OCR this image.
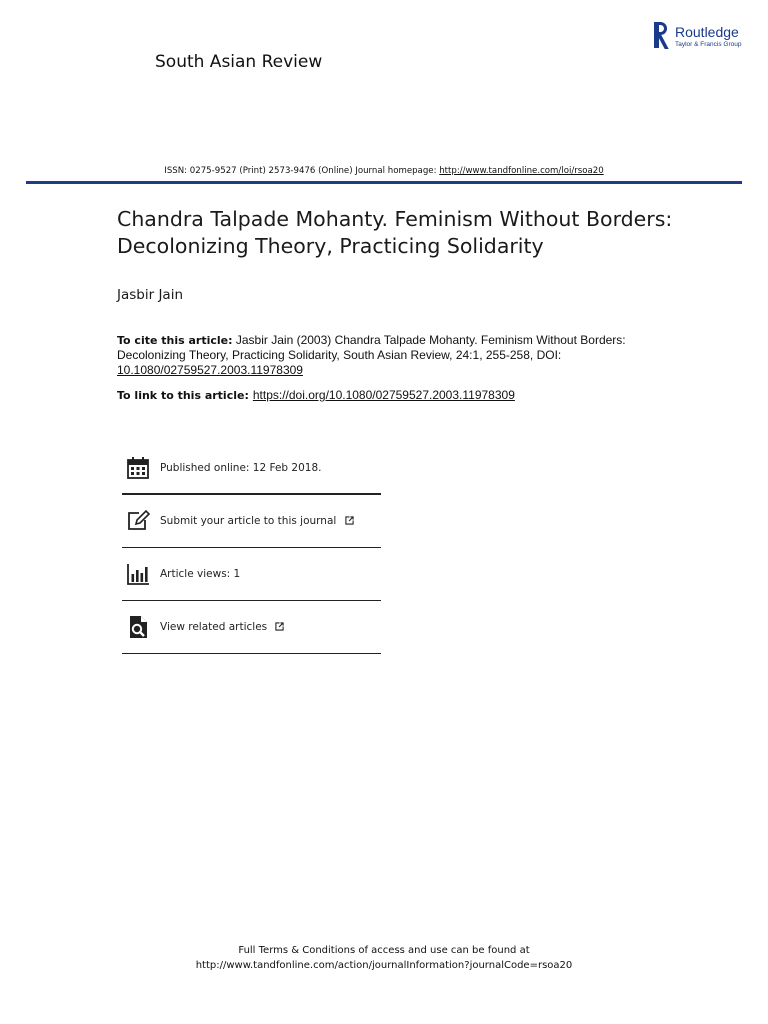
South Asian Review
Routledge
Taylor & Francis Group
ISSN: 0275-9527 (Print) 2573-9476 (Online) Journal homepage: http://www.tandfonline.com/loi/rsoa20
Chandra Talpade Mohanty. Feminism Without Borders: Decolonizing Theory, Practicing Solidarity
Jasbir Jain
To cite this article: Jasbir Jain (2003) Chandra Talpade Mohanty. Feminism Without Borders: Decolonizing Theory, Practicing Solidarity, South Asian Review, 24:1, 255-258, DOI: 10.1080/02759527.2003.11978309
To link to this article: https://doi.org/10.1080/02759527.2003.11978309
Published online: 12 Feb 2018.
Submit your article to this journal
Article views: 1
View related articles
Full Terms & Conditions of access and use can be found at
http://www.tandfonline.com/action/journalInformation?journalCode=rsoa20
